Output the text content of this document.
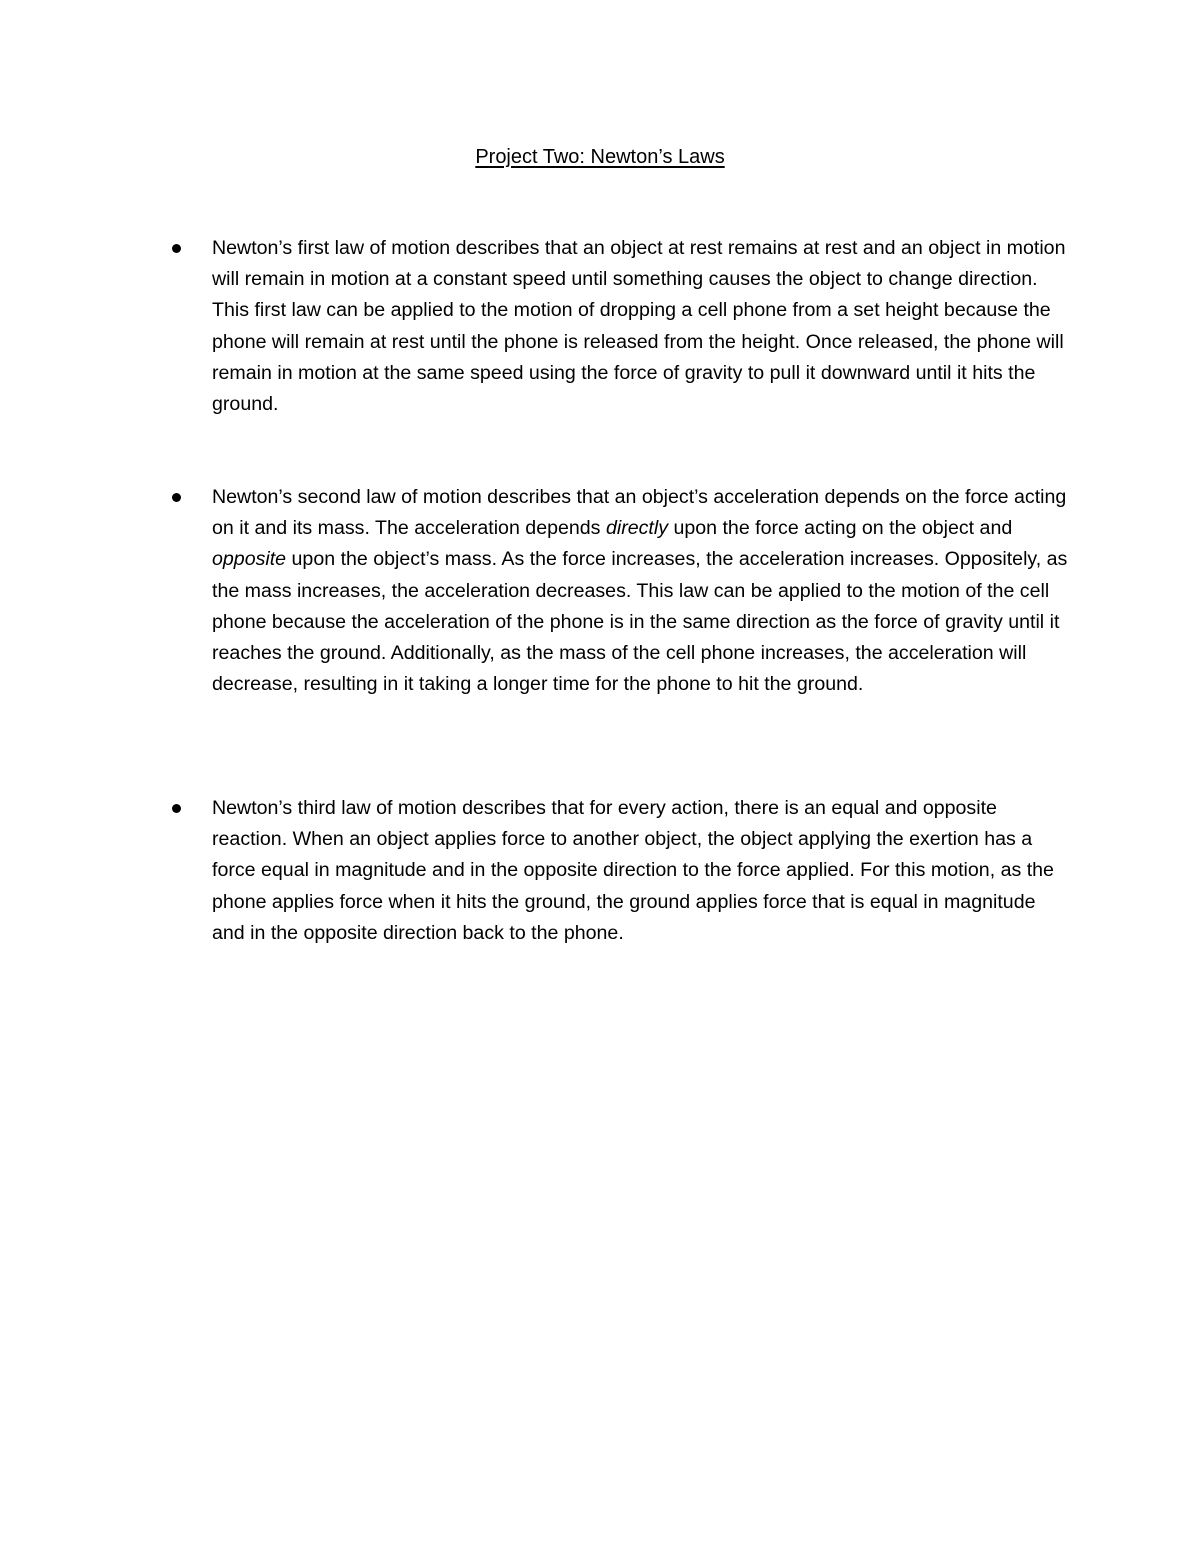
Project Two: Newton’s Laws

Newton’s first law of motion describes that an object at rest remains at rest and an object in motion will remain in motion at a constant speed until something causes the object to change direction. This first law can be applied to the motion of dropping a cell phone from a set height because the phone will remain at rest until the phone is released from the height. Once released, the phone will remain in motion at the same speed using the force of gravity to pull it downward until it hits the ground.

Newton’s second law of motion describes that an object’s acceleration depends on the force acting on it and its mass. The acceleration depends directly upon the force acting on the object and opposite upon the object’s mass. As the force increases, the acceleration increases. Oppositely, as the mass increases, the acceleration decreases. This law can be applied to the motion of the cell phone because the acceleration of the phone is in the same direction as the force of gravity until it reaches the ground. Additionally, as the mass of the cell phone increases, the acceleration will decrease, resulting in it taking a longer time for the phone to hit the ground.

Newton’s third law of motion describes that for every action, there is an equal and opposite reaction. When an object applies force to another object, the object applying the exertion has a force equal in magnitude and in the opposite direction to the force applied. For this motion, as the phone applies force when it hits the ground, the ground applies force that is equal in magnitude and in the opposite direction back to the phone.
